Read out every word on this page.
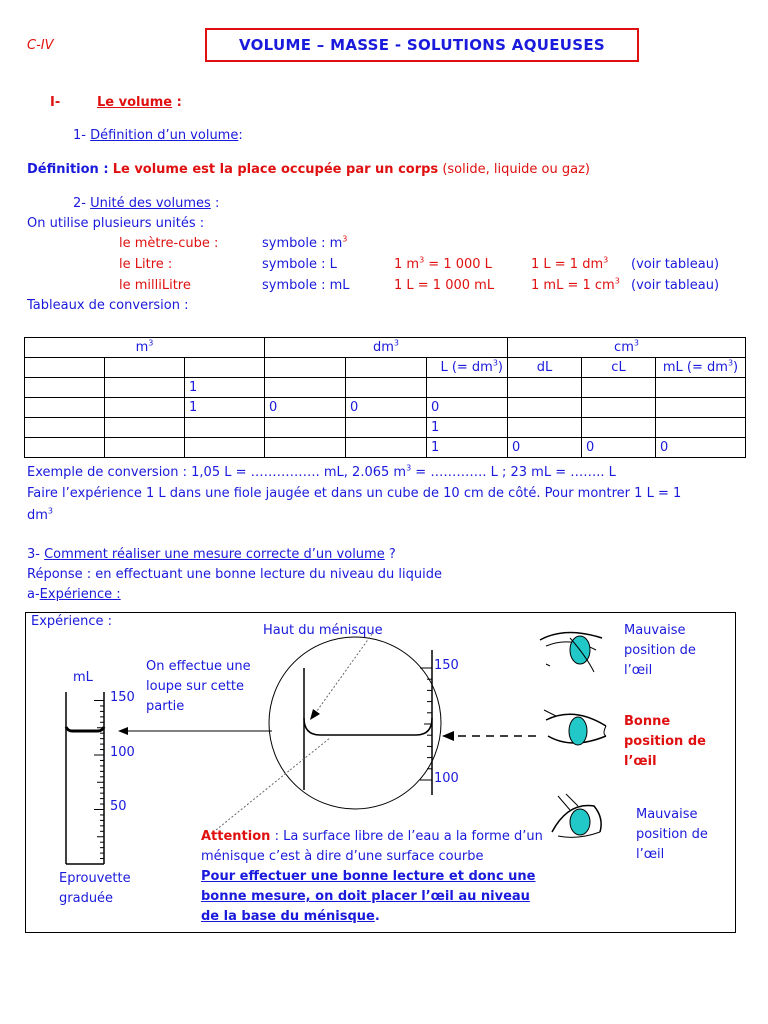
C-IV	VOLUME – MASSE - SOLUTIONS AQUEUSES
I-	Le volume :
1- Définition d’un volume:
Définition : Le volume est la place occupée par un corps (solide, liquide ou gaz)
2- Unité des volumes :
On utilise plusieurs unités :
le mètre-cube :	symbole : $m^3$
le Litre :	symbole : L	1 $m^3 = 1$ 000 L	1 L = 1 $dm^3$ (voir tableau)
le milliLitre	symbole : mL	1 L = 1 000 mL	1 mL = 1 $cm^3$ (voir tableau)
Tableaux de conversion :
$m^3$			$dm^3$			$cm^3$
					L (= $dm^3$)	dL	cL	mL (= $dm^3$)
		1						
		1	0	0	0			
					1			
					1	0	0	0
Exemple de conversion : 1,05 L = ……………. mL, 2.065 $m^3$ = …………. L ; 23 mL = …….. L
Faire l’expérience 1 L dans une fiole jaugée et dans un cube de 10 cm de côté. Pour montrer 1 L = 1
$dm^3$
3- Comment réaliser une mesure correcte d’un volume ?
Réponse : en effectuant une bonne lecture du niveau du liquide
a-Expérience :
Expérience :
Haut du ménisque
On effectue une loupe sur cette partie
mL
150
100
50
150
100
Eprouvette graduée
Mauvaise position de l’œil
Bonne position de l’œil
Mauvaise position de l’œil
Attention : La surface libre de l’eau a la forme d’un ménisque c’est à dire d’une surface courbe
Pour effectuer une bonne lecture et donc une bonne mesure, on doit placer l’œil au niveau de la base du ménisque.
